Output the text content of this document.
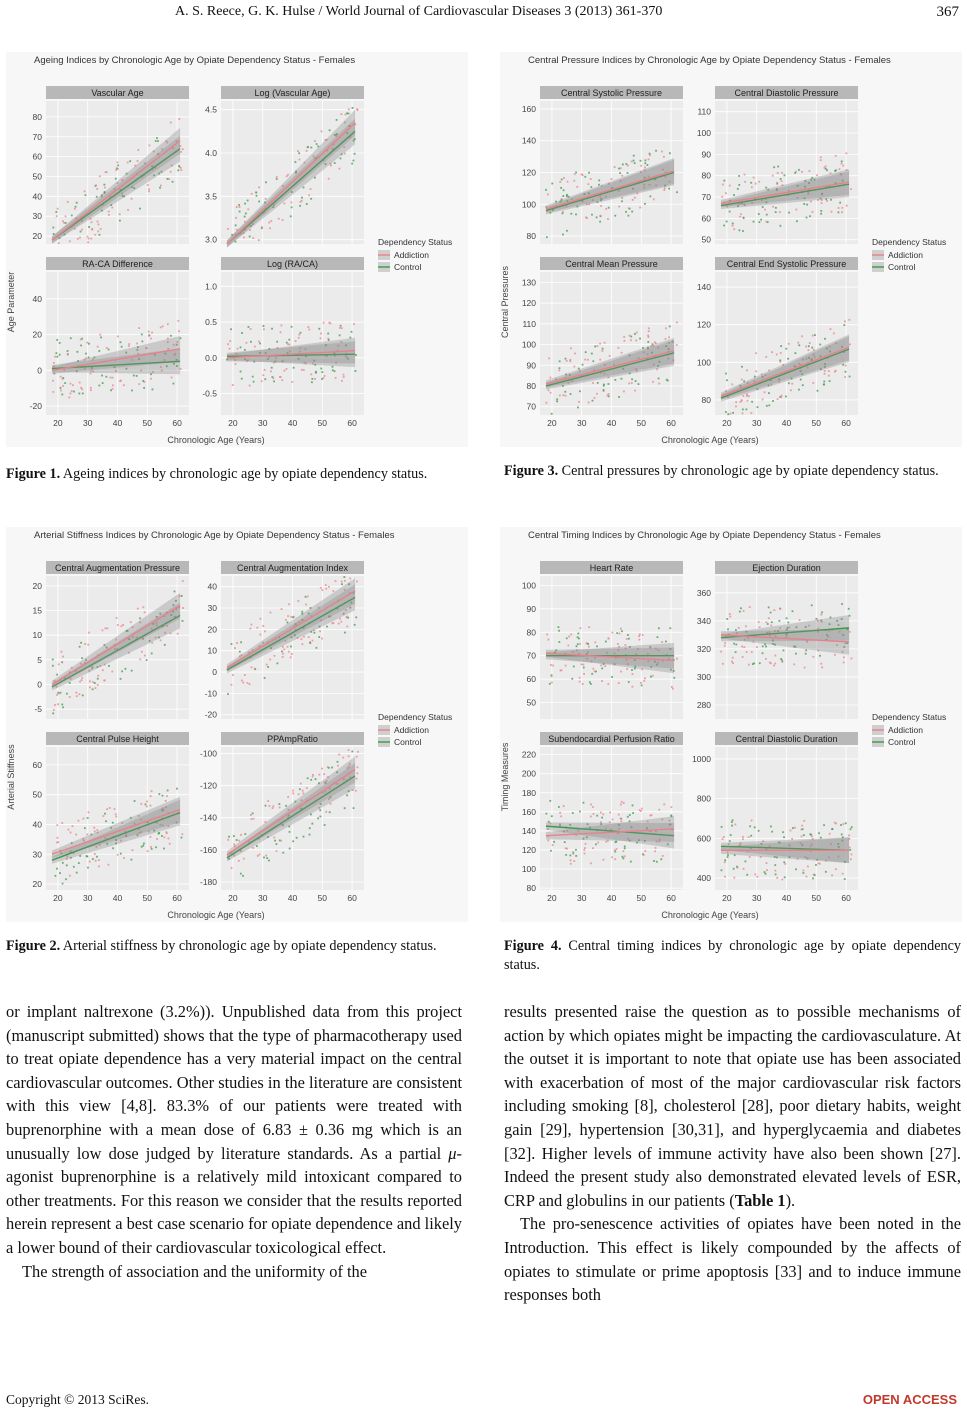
A. S. Reece, G. K. Hulse / World Journal of Cardiovascular Diseases 3 (2013) 361-370	367
Ageing Indices by Chronologic Age by Opiate Dependency Status - Females
Age Parameter
Chronologic Age (Years)
Vascular Age
80
70
60
50
40
30
20
Log (Vascular Age)
4.5
4.0
3.5
3.0
RA-CA Difference
40
20
0
-20
20 30 40 50 60
Log (RA/CA)
1.0
0.5
0.0
-0.5
20 30 40 50 60
Dependency Status
Addiction
Control
Figure 1. Ageing indices by chronologic age by opiate dependency status.
Arterial Stiffness Indices by Chronologic Age by Opiate Dependency Status - Females
Arterial Stiffness
Chronologic Age (Years)
Central Augmentation Pressure
20
15
10
5
0
-5
Central Augmentation Index
40
30
20
10
0
-10
-20
Central Pulse Height
60
50
40
30
20
20 30 40 50 60
PPAmpRatio
-100
-120
-140
-160
-180
20 30 40 50 60
Dependency Status
Addiction
Control
Figure 2. Arterial stiffness by chronologic age by opiate dependency status.
Central Pressure Indices by Chronologic Age by Opiate Dependency Status - Females
Central Pressures
Chronologic Age (Years)
Central Systolic Pressure
160
140
120
100
80
Central Diastolic Pressure
110
100
90
80
70
60
50
Central Mean Pressure
130
120
110
100
90
80
70
20 30 40 50 60
Central End Systolic Pressure
140
120
100
80
20 30 40 50 60
Dependency Status
Addiction
Control
Figure 3. Central pressures by chronologic age by opiate dependency status.
Central Timing Indices by Chronologic Age by Opiate Dependency Status - Females
Timing Measures
Chronologic Age (Years)
Heart Rate
100
90
80
70
60
50
Ejection Duration
360
340
320
300
280
Subendocardial Perfusion Ratio
220
200
180
160
140
120
100
80
20 30 40 50 60
Central Diastolic Duration
1000
800
600
400
20 30 40 50 60
Dependency Status
Addiction
Control
Figure 4. Central timing indices by chronologic age by opiate dependency status.

or implant naltrexone (3.2%)). Unpublished data from this project (manuscript submitted) shows that the type of pharmacotherapy used to treat opiate dependence has a very material impact on the central cardiovascular outcomes. Other studies in the literature are consistent with this view [4,8]. 83.3% of our patients were treated with buprenorphine with a mean dose of 6.83 ± 0.36 mg which is an unusually low dose judged by literature standards. As a partial μ-agonist buprenorphine is a relatively mild intoxicant compared to other treatments. For this reason we consider that the results reported herein represent a best case scenario for opiate dependence and likely a lower bound of their cardiovascular toxicological effect.

The strength of association and the uniformity of the

results presented raise the question as to possible mechanisms of action by which opiates might be impacting the cardiovasculature. At the outset it is important to note that opiate use has been associated with exacerbation of most of the major cardiovascular risk factors including smoking [8], cholesterol [28], poor dietary habits, weight gain [29], hypertension [30,31], and hyperglycaemia and diabetes [32]. Higher levels of immune activity have also been shown [27]. Indeed the present study also demonstrated elevated levels of ESR, CRP and globulins in our patients (Table 1).

The pro-senescence activities of opiates have been noted in the Introduction. This effect is likely compounded by the affects of opiates to stimulate or prime apoptosis [33] and to induce immune responses both

Copyright © 2013 SciRes.	OPEN ACCESS
